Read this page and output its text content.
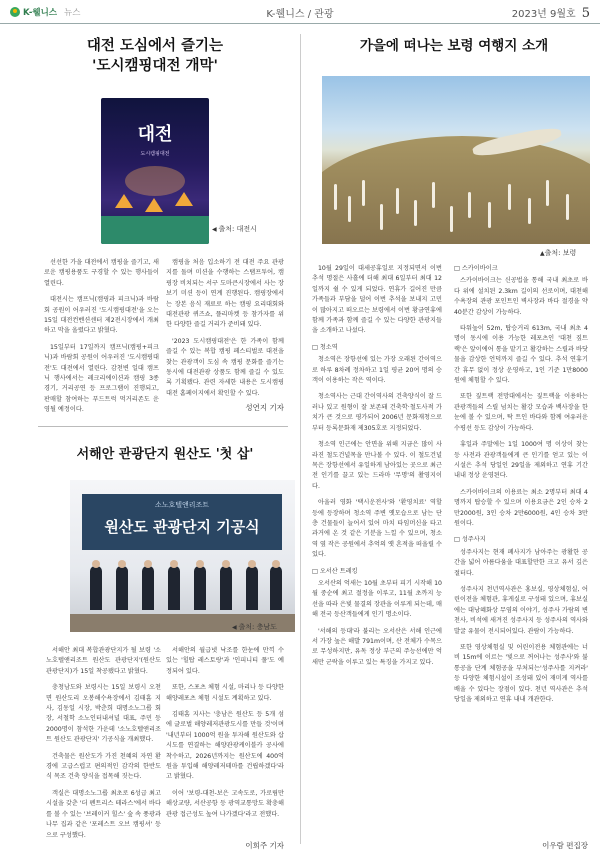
K-웰니스 뉴스	K-웰니스 / 관광	2023년 9월호 5
대전 도심에서 즐기는
'도시캠핑대전 개막'
대전
도시캠핑대전
◀ 출처: 대전시

선선한 가을 대전에서 캠핑을 즐기고, 새로운 캠핑용품도 구경할 수 있는 행사들이 열린다.

대전시는 캠프닉(캠핑과 피크닉)과 바람회 공원이 어우러진 '도시캠핑대전'을 오는 15일 대전컨벤션센터 제2전시장에서 개최하고 막을 올렸다고 밝혔다.

15일부터 17일까지 캠프닉(캠핑+피크닉)과 바람회 공원이 어우러진 '도시캠핑대전'도 대전에서 열린다. 감천변 일대 캠프닉 행사에서는 레크리에이션과 캠핑 3종 경기, 거리공연 등 프로그램이 진행되고, 판매할 참여하는 푸드트럭 먹거리존도 운영될 예정이다.

캠핑을 처음 입소하기 전 대전 주요 관광지를 돌며 미션을 수행하는 스탬프투어, 캠핑장 비치되는 서구 도마큰시장에서 사는 장보기 미션 등이 연계 진행된다. 캠핑장에서는 장본 음식 재료로 하는 캠핑 요리대회와 대전관광 퀴즈쇼, 플리마켓 등 참가자를 위한 다양한 즐길 거리가 준비돼 있다.

'2023 도시캠핑대전'은 한 가족이 함께 즐길 수 있는 복합 캠핑 페스티벌로 대전을 찾는 관광객이 도심 속 캠핑 문화를 즐기는 동시에 대전관광 상품도 함께 즐길 수 있도록 기획됐다. 관련 자세한 내용은 도시캠핑대전 홈페이지에서 확인할 수 있다.

성연지 기자
서해안 관광단지 원산도 '첫 삽'
소노호텔앤리조트
원산도 관광단지 기공식
◀ 출처: 충남도

서해안 최대 복합관광단지가 될 보령 '소노호텔앤리조트 원산도 관광단지'(원산도 관광단지)가 15일 착공됐다고 밝혔다.

충청남도와 보령시는 15일 보령시 오천면 원산도리 오봉해수욕장에서 김태흠 지사, 김동일 시장, 박춘희 대명소노그룹 회장, 서철학 소노인터내셔널 대표, 주민 등 2000명이 참석한 가운데 '소노호텔앤리조트 원산도 관광단지' 기공식을 개최했다.

건축물은 원산도가 가진 천혜의 자연 환경에 고급스럽고 편의적인 감각의 한반도식 목조 건축 양식을 접목해 짓는다.

객실은 대명소노그룹 최초로 6성급 최고 시설을 갖춘 '더 펜트리스 테라스'에서 바다를 볼 수 있는 '브레이커 힐스' 숲 속 풍광과 나무 집과 같은 '포레스트 오브 캠핑셔' 등으로 구성했다.

서해안의 월급넷 낙조를 한눈에 만끽 수 있는 '힐탑 레스토랑'과 '인피니티 풀'도 예정되어 있다.

또한, 스포츠 체험 시설, 마리나 등 다양한 해양레포츠 체험 시설도 계획하고 있다.

김태흠 지사는 '충남은 원산도 등 5개 섬에 글로벌 해양레저관광도시를 만들 것'이며 '내년부터 1000억 원을 투자해 원산도와 삽시도를 연결하는 해양관광케이블카 공사에 착수하고, 2026년까지는 원산도에 400억 원을 투입해 해양레저테마를 건립하겠다'라고 밝혔다.

이어 '보령-대천-보은 고속도로, 가로림만 해상교량, 서산공항 등 광역교통망도 확충해 관광 접근성도 높여 나가겠다'라고 전했다.

이희주 기자
가을에 떠나는 보령 여행지 소개
▲ 출처: 보령

10월 29일이 대세공휴일로 지정되면서 이번 추석 명절은 사흘에 더해 최대 6일부터 최대 12일까지 쉴 수 있게 되었다. 연휴가 길어진 만큼 가족들과 부담을 덜어 이번 추석을 보내지 고민이 많아지고 떠오르는 보령에서 이번 황금연휴에 함께 가족과 함께 즐길 수 있는 다양한 관광지들을 소개하고 나섰다.

□ 청소역

청소역은 장항선에 있는 가장 오래된 간이역으로 하루 8차례 정차하고 1일 평균 20여 명의 승객이 이용하는 작은 역이다.

청소역사는 근대 간이역사의 건축양식이 잘 드러나 있고 원형이 잘 보존돼 건축학·철도사적 가치가 큰 것으로 평가되어 2006년 문화재청으로부터 등록문화재 제305호로 지정되었다.

청소역 인근에는 안면을 위해 지금은 많이 사라진 철도건널목을 만나볼 수 있다. 이 철도건널목은 장항선에서 유일하게 남아있는 곳으로 최근 전 인기를 끌고 있는 드라마 '무명'의 촬영지이다.

아울러 영화 '택시운전사'와 '환영치료' 역할 등에 등장하며 청소역 주변 옛모습으로 남는 단층 건물들이 늘어서 있어 마치 타임머신을 타고 과거에 온 것 같은 기분을 느낄 수 있으며, 청소역 옆 작은 공원에서 추억의 옛 흔적을 떠올릴 수 있다.

□ 오서산 트레킹

오서산의 억새는 10월 초부터 피기 시작해 10월 중순에 최고 절정을 이루고, 11월 초까지 능선을 따라 은빛 물결의 장관을 이루게 되는데, 매해 전국 등산객들에게 인기 명소이다.

'서해의 등대'라 불리는 오서산은 서해 인근에서 가장 높은 해발 791m이며, 산 전체가 수목으로 무성하지만, 유독 정상 부근의 주능선에만 억새만 군락을 이루고 있는 특징을 가지고 있다.

□ 스카이바이크

스카이바이크는 신공법을 통해 국내 최초로 바다 위에 설치된 2.3km 길이의 선로이며, 대천해수욕장의 관광 포인트인 벽사장과 바다 절경을 약 40분간 감상이 가능하다.

타워높이 52m, 탑승거리 613m, 국내 최초 4명이 동시에 이용 가능한 레포츠인 '대천 짚트랙'은 앞이에어 통을 맡기고 활강하는 스릴과 바닷물을 감상한 언덕까지 즐길 수 있다. 추석 연휴기간 휴무 없이 정상 운영하고, 1인 기준 1만8000원에 체험할 수 있다.

또한 짚트랙 전망대에서는 짚트랙을 이용하는 관광객들의 스릴 넘치는 활강 모습과 백사장을 한눈에 볼 수 있으며, 탁 트인 바다와 함께 여유러운 수평선 등도 감상이 가능하다.

휴일과 주말에는 1일 1000여 명 이상이 찾는 등 사전과 관광객들에게 큰 인기를 얻고 있는 이 시설은 추석 당일인 29일을 제외하고 연휴 기간 내내 정상 운영된다.

스카이바이크의 이용료는 최소 2명부터 최대 4명까지 탑승할 수 있으며 이용요금은 2인 승차 2만2000원, 3인 승차 2만6000원, 4인 승차 3만원이다.

□ 성주사지

성주사지는 현재 폐사지가 남아주는 광활한 공간을 넓어 아름다움을 대표할만한 크고 유서 깊은 절터다.

성주사지 천년역사관은 홍보실, 영상체험실, 어린이전을 체험관, 휴게실로 구성돼 있으며, 휴보실에는 대낭혜화상 무염의 이야기, 성주사 가람의 변천사, 비석에 새겨진 성주사지 등 성주사의 역사와 발굴 유물이 전시되어있다. 관람이 가능하다.

또한 영상체험실 및 어린이전용 체험관에는 너비 15m에 이르는 '빛으로 꺼어나는 성주사'와 불통공을 단계 체험공을 부처되는'성주사를 지켜라' 등 다양한 체험시설이 조성돼 있어 재미게 역사를 배울 수 있다는 장점이 있다. 천년 역사관은 추석 당일을 제외하고 연휴 내내 개관한다.

이우람 편집장
